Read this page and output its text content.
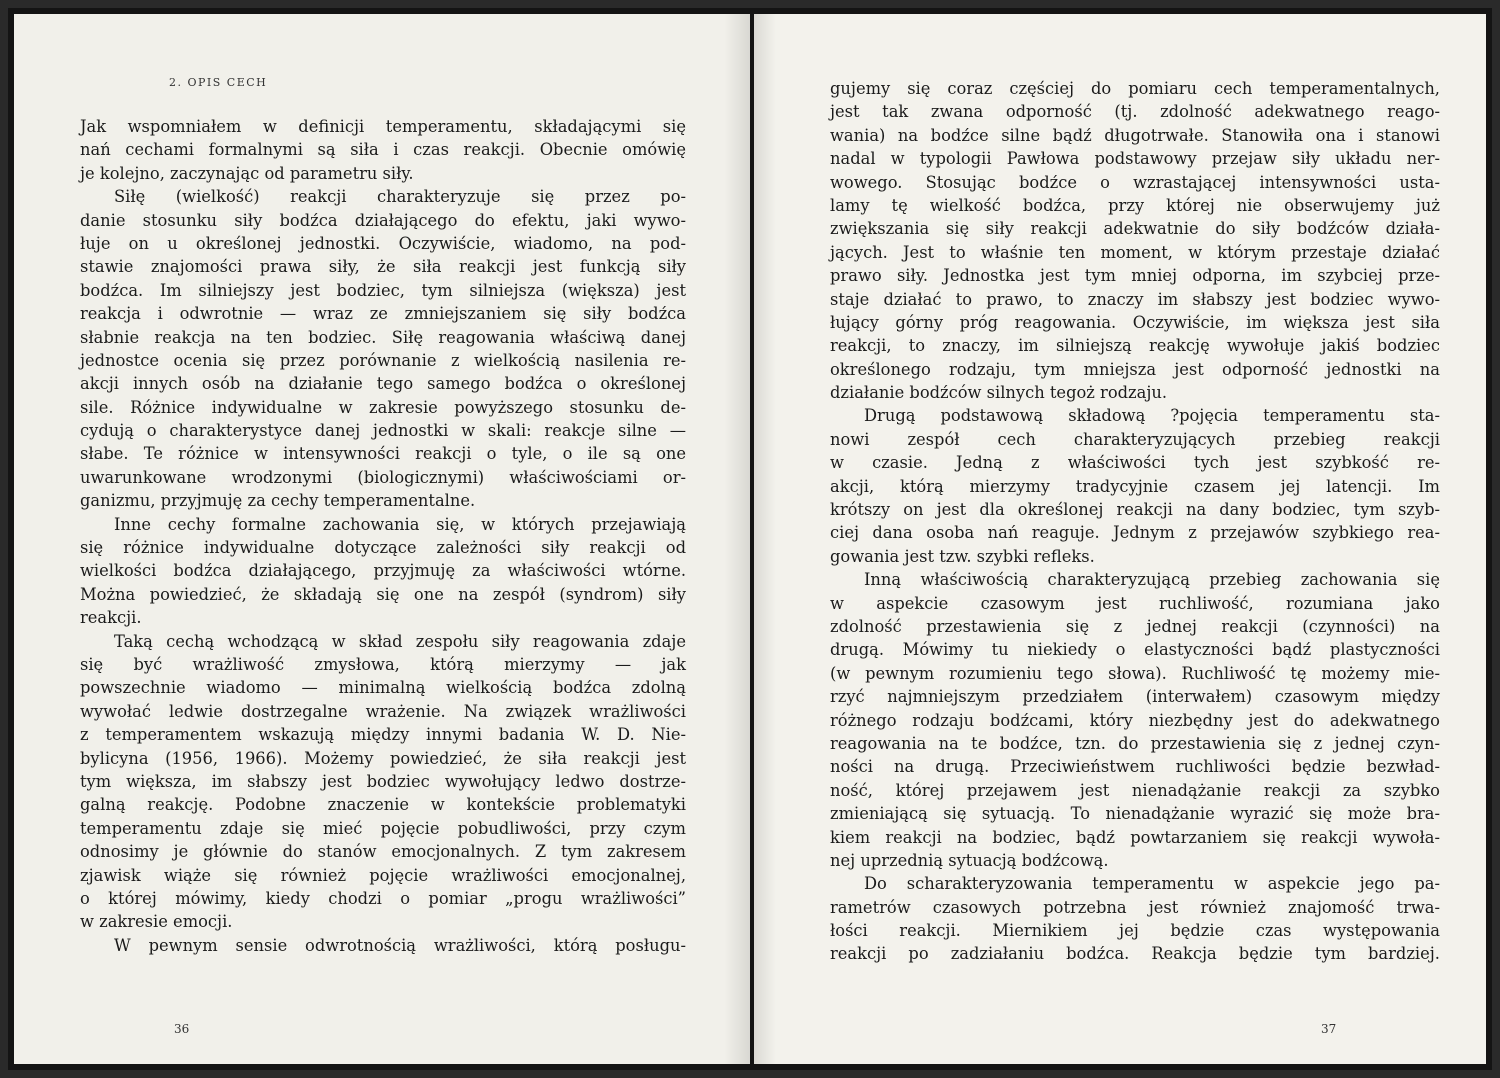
2. OPIS CECH
Jak wspomniałem w definicji temperamentu, składającymi się
nań cechami formalnymi są siła i czas reakcji. Obecnie omówię
je kolejno, zaczynając od parametru siły.
Siłę (wielkość) reakcji charakteryzuje się przez po-
danie stosunku siły bodźca działającego do efektu, jaki wywo-
łuje on u określonej jednostki. Oczywiście, wiadomo, na pod-
stawie znajomości prawa siły, że siła reakcji jest funkcją siły
bodźca. Im silniejszy jest bodziec, tym silniejsza (większa) jest
reakcja i odwrotnie — wraz ze zmniejszaniem się siły bodźca
słabnie reakcja na ten bodziec. Siłę reagowania właściwą danej
jednostce ocenia się przez porównanie z wielkością nasilenia re-
akcji innych osób na działanie tego samego bodźca o określonej
sile. Różnice indywidualne w zakresie powyższego stosunku de-
cydują o charakterystyce danej jednostki w skali: reakcje silne —
słabe. Te różnice w intensywności reakcji o tyle, o ile są one
uwarunkowane wrodzonymi (biologicznymi) właściwościami or-
ganizmu, przyjmuję za cechy temperamentalne.
Inne cechy formalne zachowania się, w których przejawiają
się różnice indywidualne dotyczące zależności siły reakcji od
wielkości bodźca działającego, przyjmuję za właściwości wtórne.
Można powiedzieć, że składają się one na zespół (syndrom) siły
reakcji.
Taką cechą wchodzącą w skład zespołu siły reagowania zdaje
się być wrażliwość zmysłowa, którą mierzymy — jak
powszechnie wiadomo — minimalną wielkością bodźca zdolną
wywołać ledwie dostrzegalne wrażenie. Na związek wrażliwości
z temperamentem wskazują między innymi badania W. D. Nie-
bylicyna (1956, 1966). Możemy powiedzieć, że siła reakcji jest
tym większa, im słabszy jest bodziec wywołujący ledwo dostrze-
galną reakcję. Podobne znaczenie w kontekście problematyki
temperamentu zdaje się mieć pojęcie pobudliwości, przy czym
odnosimy je głównie do stanów emocjonalnych. Z tym zakresem
zjawisk wiąże się również pojęcie wrażliwości emocjonalnej,
o której mówimy, kiedy chodzi o pomiar „progu wrażliwości”
w zakresie emocji.
W pewnym sensie odwrotnością wrażliwości, którą posługu-
36
gujemy się coraz częściej do pomiaru cech temperamentalnych,
jest tak zwana odporność (tj. zdolność adekwatnego reago-
wania) na bodźce silne bądź długotrwałe. Stanowiła ona i stanowi
nadal w typologii Pawłowa podstawowy przejaw siły układu ner-
wowego. Stosując bodźce o wzrastającej intensywności usta-
lamy tę wielkość bodźca, przy której nie obserwujemy już
zwiększania się siły reakcji adekwatnie do siły bodźców działa-
jących. Jest to właśnie ten moment, w którym przestaje działać
prawo siły. Jednostka jest tym mniej odporna, im szybciej prze-
staje działać to prawo, to znaczy im słabszy jest bodziec wywo-
łujący górny próg reagowania. Oczywiście, im większa jest siła
reakcji, to znaczy, im silniejszą reakcję wywołuje jakiś bodziec
określonego rodzaju, tym mniejsza jest odporność jednostki na
działanie bodźców silnych tegoż rodzaju.
Drugą podstawową składową ?pojęcia temperamentu sta-
nowi zespół cech charakteryzujących przebieg reakcji
w czasie. Jedną z właściwości tych jest szybkość re-
akcji, którą mierzymy tradycyjnie czasem jej latencji. Im
krótszy on jest dla określonej reakcji na dany bodziec, tym szyb-
ciej dana osoba nań reaguje. Jednym z przejawów szybkiego rea-
gowania jest tzw. szybki refleks.
Inną właściwością charakteryzującą przebieg zachowania się
w aspekcie czasowym jest ruchliwość, rozumiana jako
zdolność przestawienia się z jednej reakcji (czynności) na
drugą. Mówimy tu niekiedy o elastyczności bądź plastyczności
(w pewnym rozumieniu tego słowa). Ruchliwość tę możemy mie-
rzyć najmniejszym przedziałem (interwałem) czasowym między
różnego rodzaju bodźcami, który niezbędny jest do adekwatnego
reagowania na te bodźce, tzn. do przestawienia się z jednej czyn-
ności na drugą. Przeciwieństwem ruchliwości będzie bezwład-
ność, której przejawem jest nienadążanie reakcji za szybko
zmieniającą się sytuacją. To nienadążanie wyrazić się może bra-
kiem reakcji na bodziec, bądź powtarzaniem się reakcji wywoła-
nej uprzednią sytuacją bodźcową.
Do scharakteryzowania temperamentu w aspekcie jego pa-
rametrów czasowych potrzebna jest również znajomość trwa-
łości reakcji. Miernikiem jej będzie czas występowania
reakcji po zadziałaniu bodźca. Reakcja będzie tym bardziej.
37
